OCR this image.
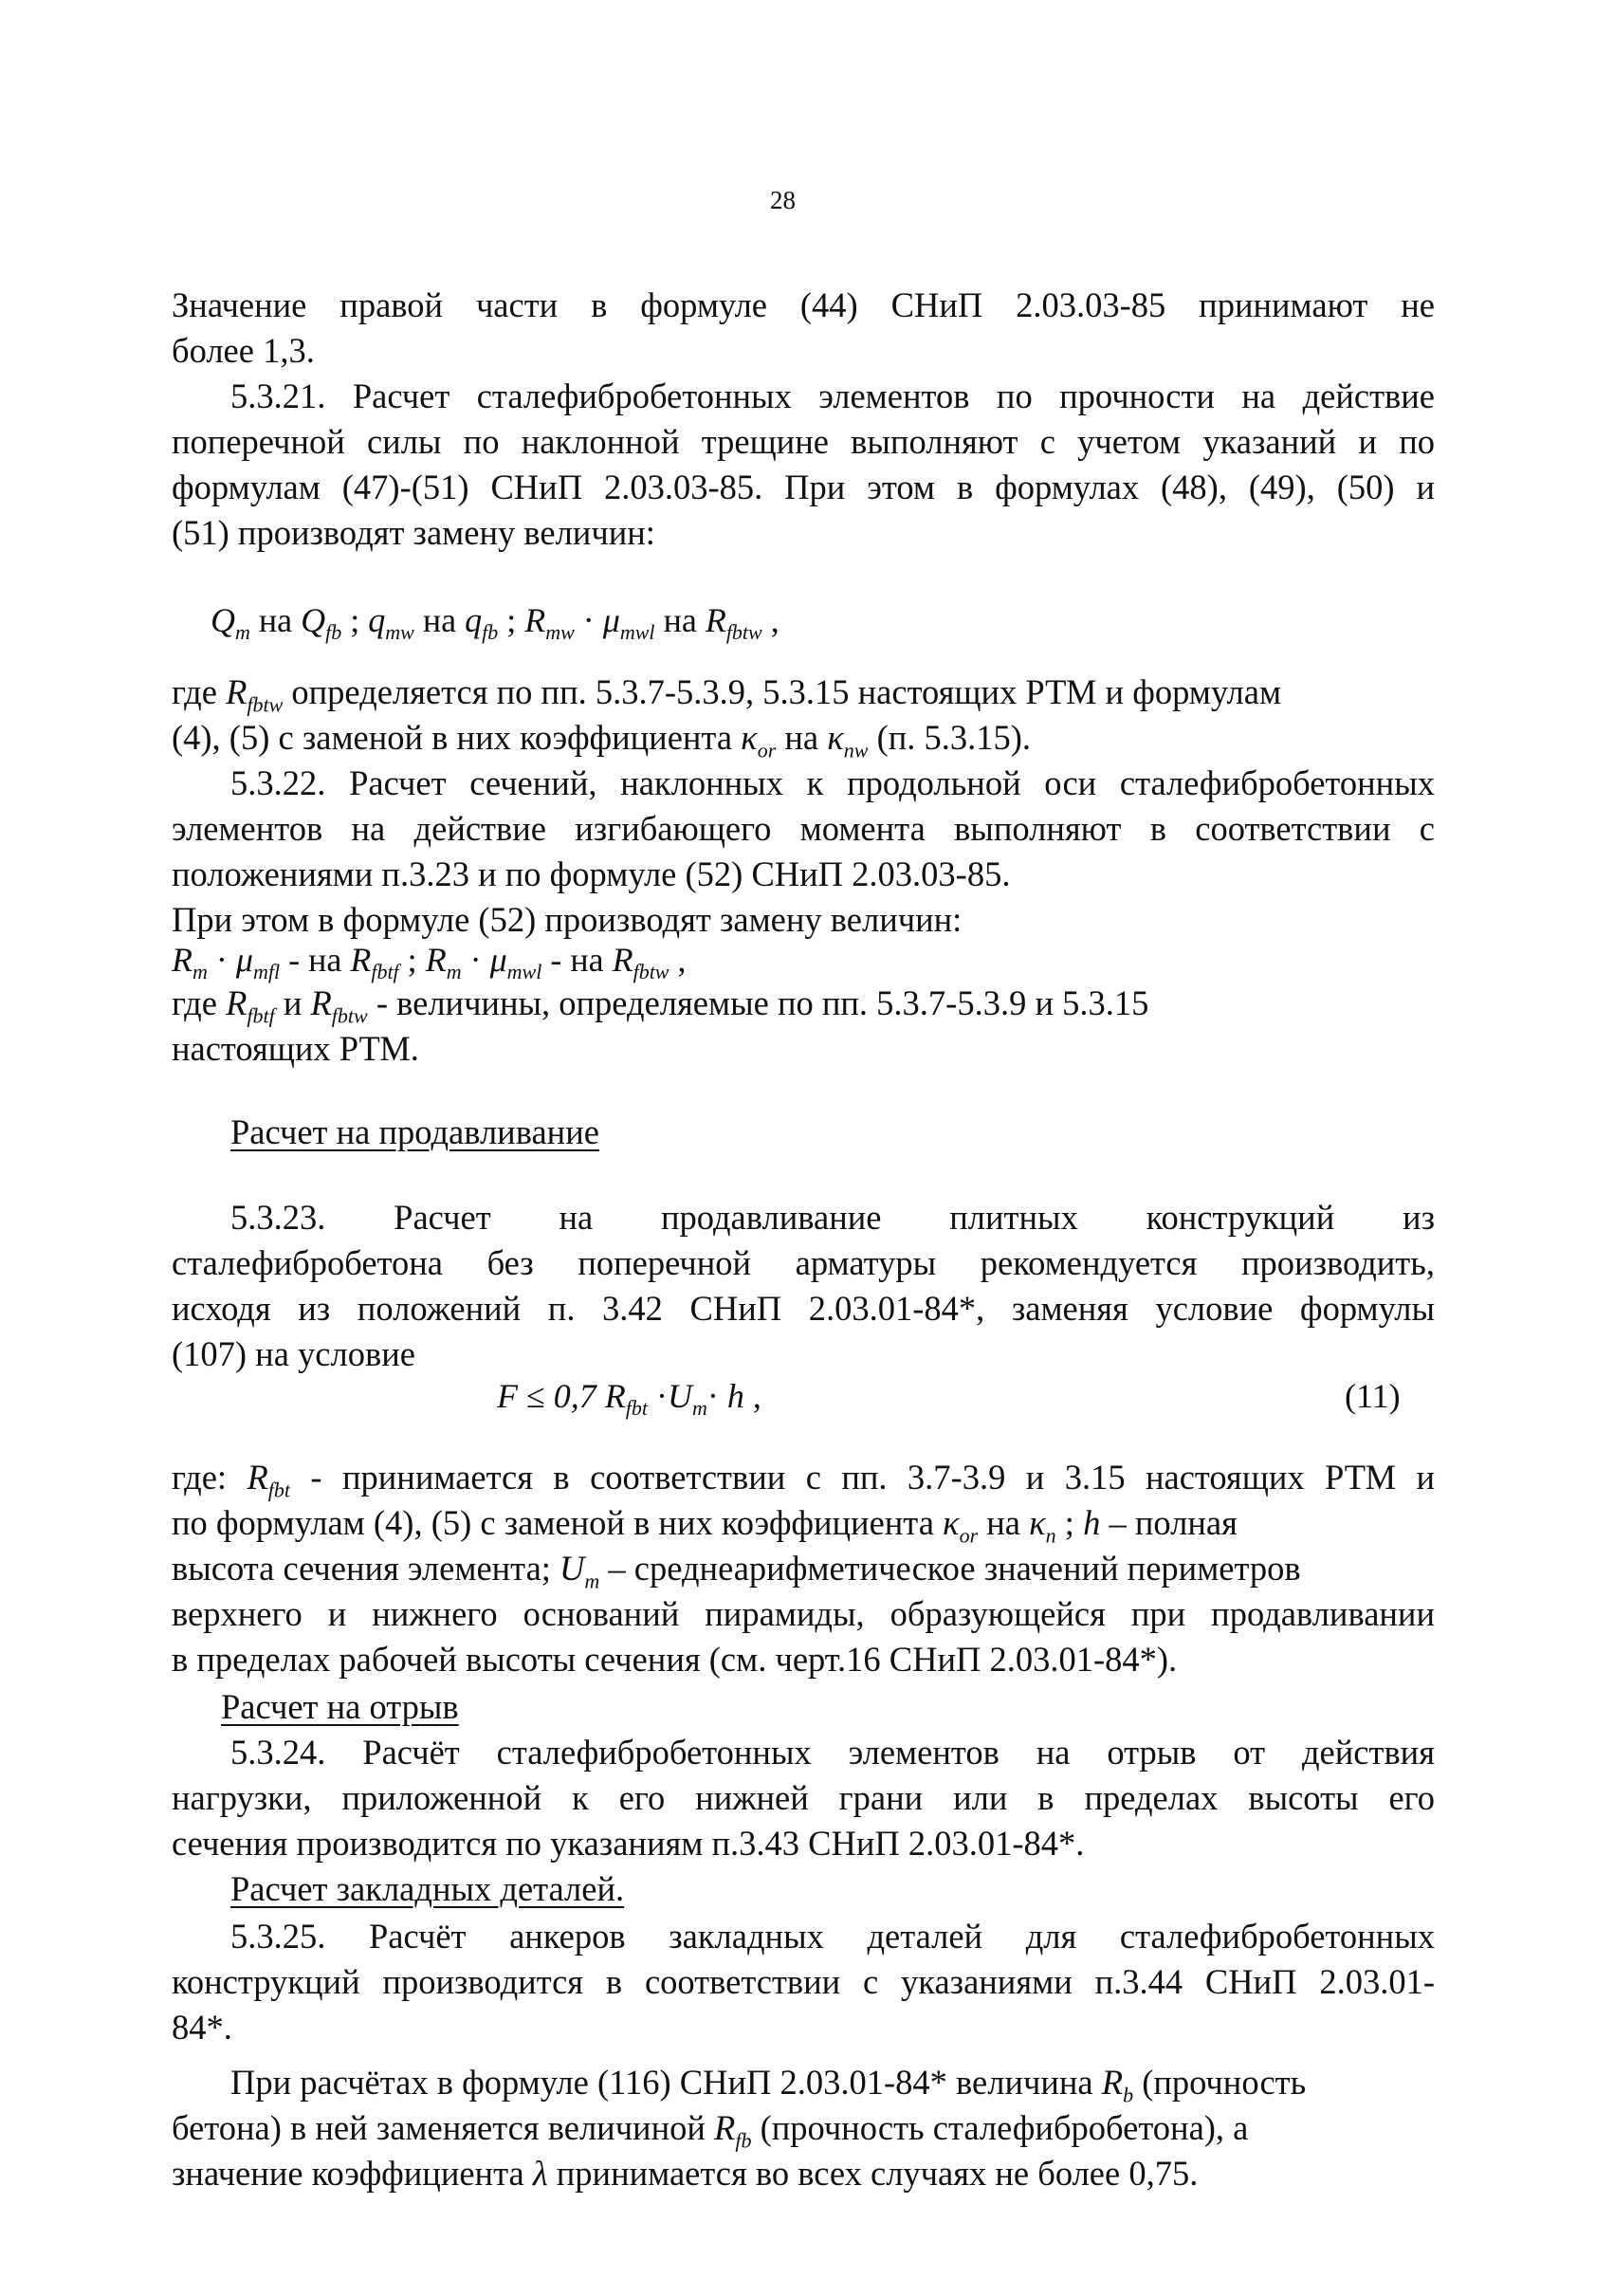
28
Значение правой части в формуле (44) СНиП 2.03.03-85 принимают не
более 1,3.
5.3.21. Расчет сталефибробетонных элементов по прочности на действие
поперечной силы по наклонной трещине выполняют с учетом указаний и по
формулам (47)-(51) СНиП 2.03.03-85. При этом в формулах (48), (49), (50) и
(51) производят замену величин:
$Q_m$ на $Q_{fb}$ ; $q_{mw}$ на $q_{fb}$ ; $R_{mw} \cdot \mu_{mwl}$ на $R_{fbtw}$ ,
где $R_{fbtw}$ определяется по пп. 5.3.7-5.3.9, 5.3.15 настоящих РТМ и формулам
(4), (5) с заменой в них коэффициента $\kappa_{or}$ на $\kappa_{nw}$ (п. 5.3.15).
5.3.22. Расчет сечений, наклонных к продольной оси сталефибробетонных
элементов на действие изгибающего момента выполняют в соответствии с
положениями п.3.23 и по формуле (52) СНиП 2.03.03-85.
При этом в формуле (52) производят замену величин:
$R_m \cdot \mu_{mfl}$ - на $R_{fbtf}$ ; $R_m \cdot \mu_{mwl}$ - на $R_{fbtw}$ ,
где $R_{fbtf}$ и $R_{fbtw}$ - величины, определяемые по пп. 5.3.7-5.3.9 и 5.3.15
настоящих РТМ.
Расчет на продавливание
5.3.23. Расчет на продавливание плитных конструкций из
сталефибробетона без поперечной арматуры рекомендуется производить,
исходя из положений п. 3.42 СНиП 2.03.01-84*, заменяя условие формулы
(107) на условие
F ≤ 0,7 $R_{fbt} \cdot U_m\cdot h$ ,	(11)
где: $R_{fbt}$ - принимается в соответствии с пп. 3.7-3.9 и 3.15 настоящих РТМ и
по формулам (4), (5) с заменой в них коэффициента $\kappa_{or}$ на $\kappa_n$ ; h – полная
высота сечения элемента; $U_m$ – среднеарифметическое значений периметров
верхнего и нижнего оснований пирамиды, образующейся при продавливании
в пределах рабочей высоты сечения (см. черт.16 СНиП 2.03.01-84*).
Расчет на отрыв
5.3.24. Расчёт сталефибробетонных элементов на отрыв от действия
нагрузки, приложенной к его нижней грани или в пределах высоты его
сечения производится по указаниям п.3.43 СНиП 2.03.01-84*.
Расчет закладных деталей.
5.3.25. Расчёт анкеров закладных деталей для сталефибробетонных
конструкций производится в соответствии с указаниями п.3.44 СНиП 2.03.01-
84*.
При расчётах в формуле (116) СНиП 2.03.01-84* величина $R_b$ (прочность
бетона) в ней заменяется величиной $R_{fb}$ (прочность сталефибробетона), а
значение коэффициента λ принимается во всех случаях не более 0,75.
